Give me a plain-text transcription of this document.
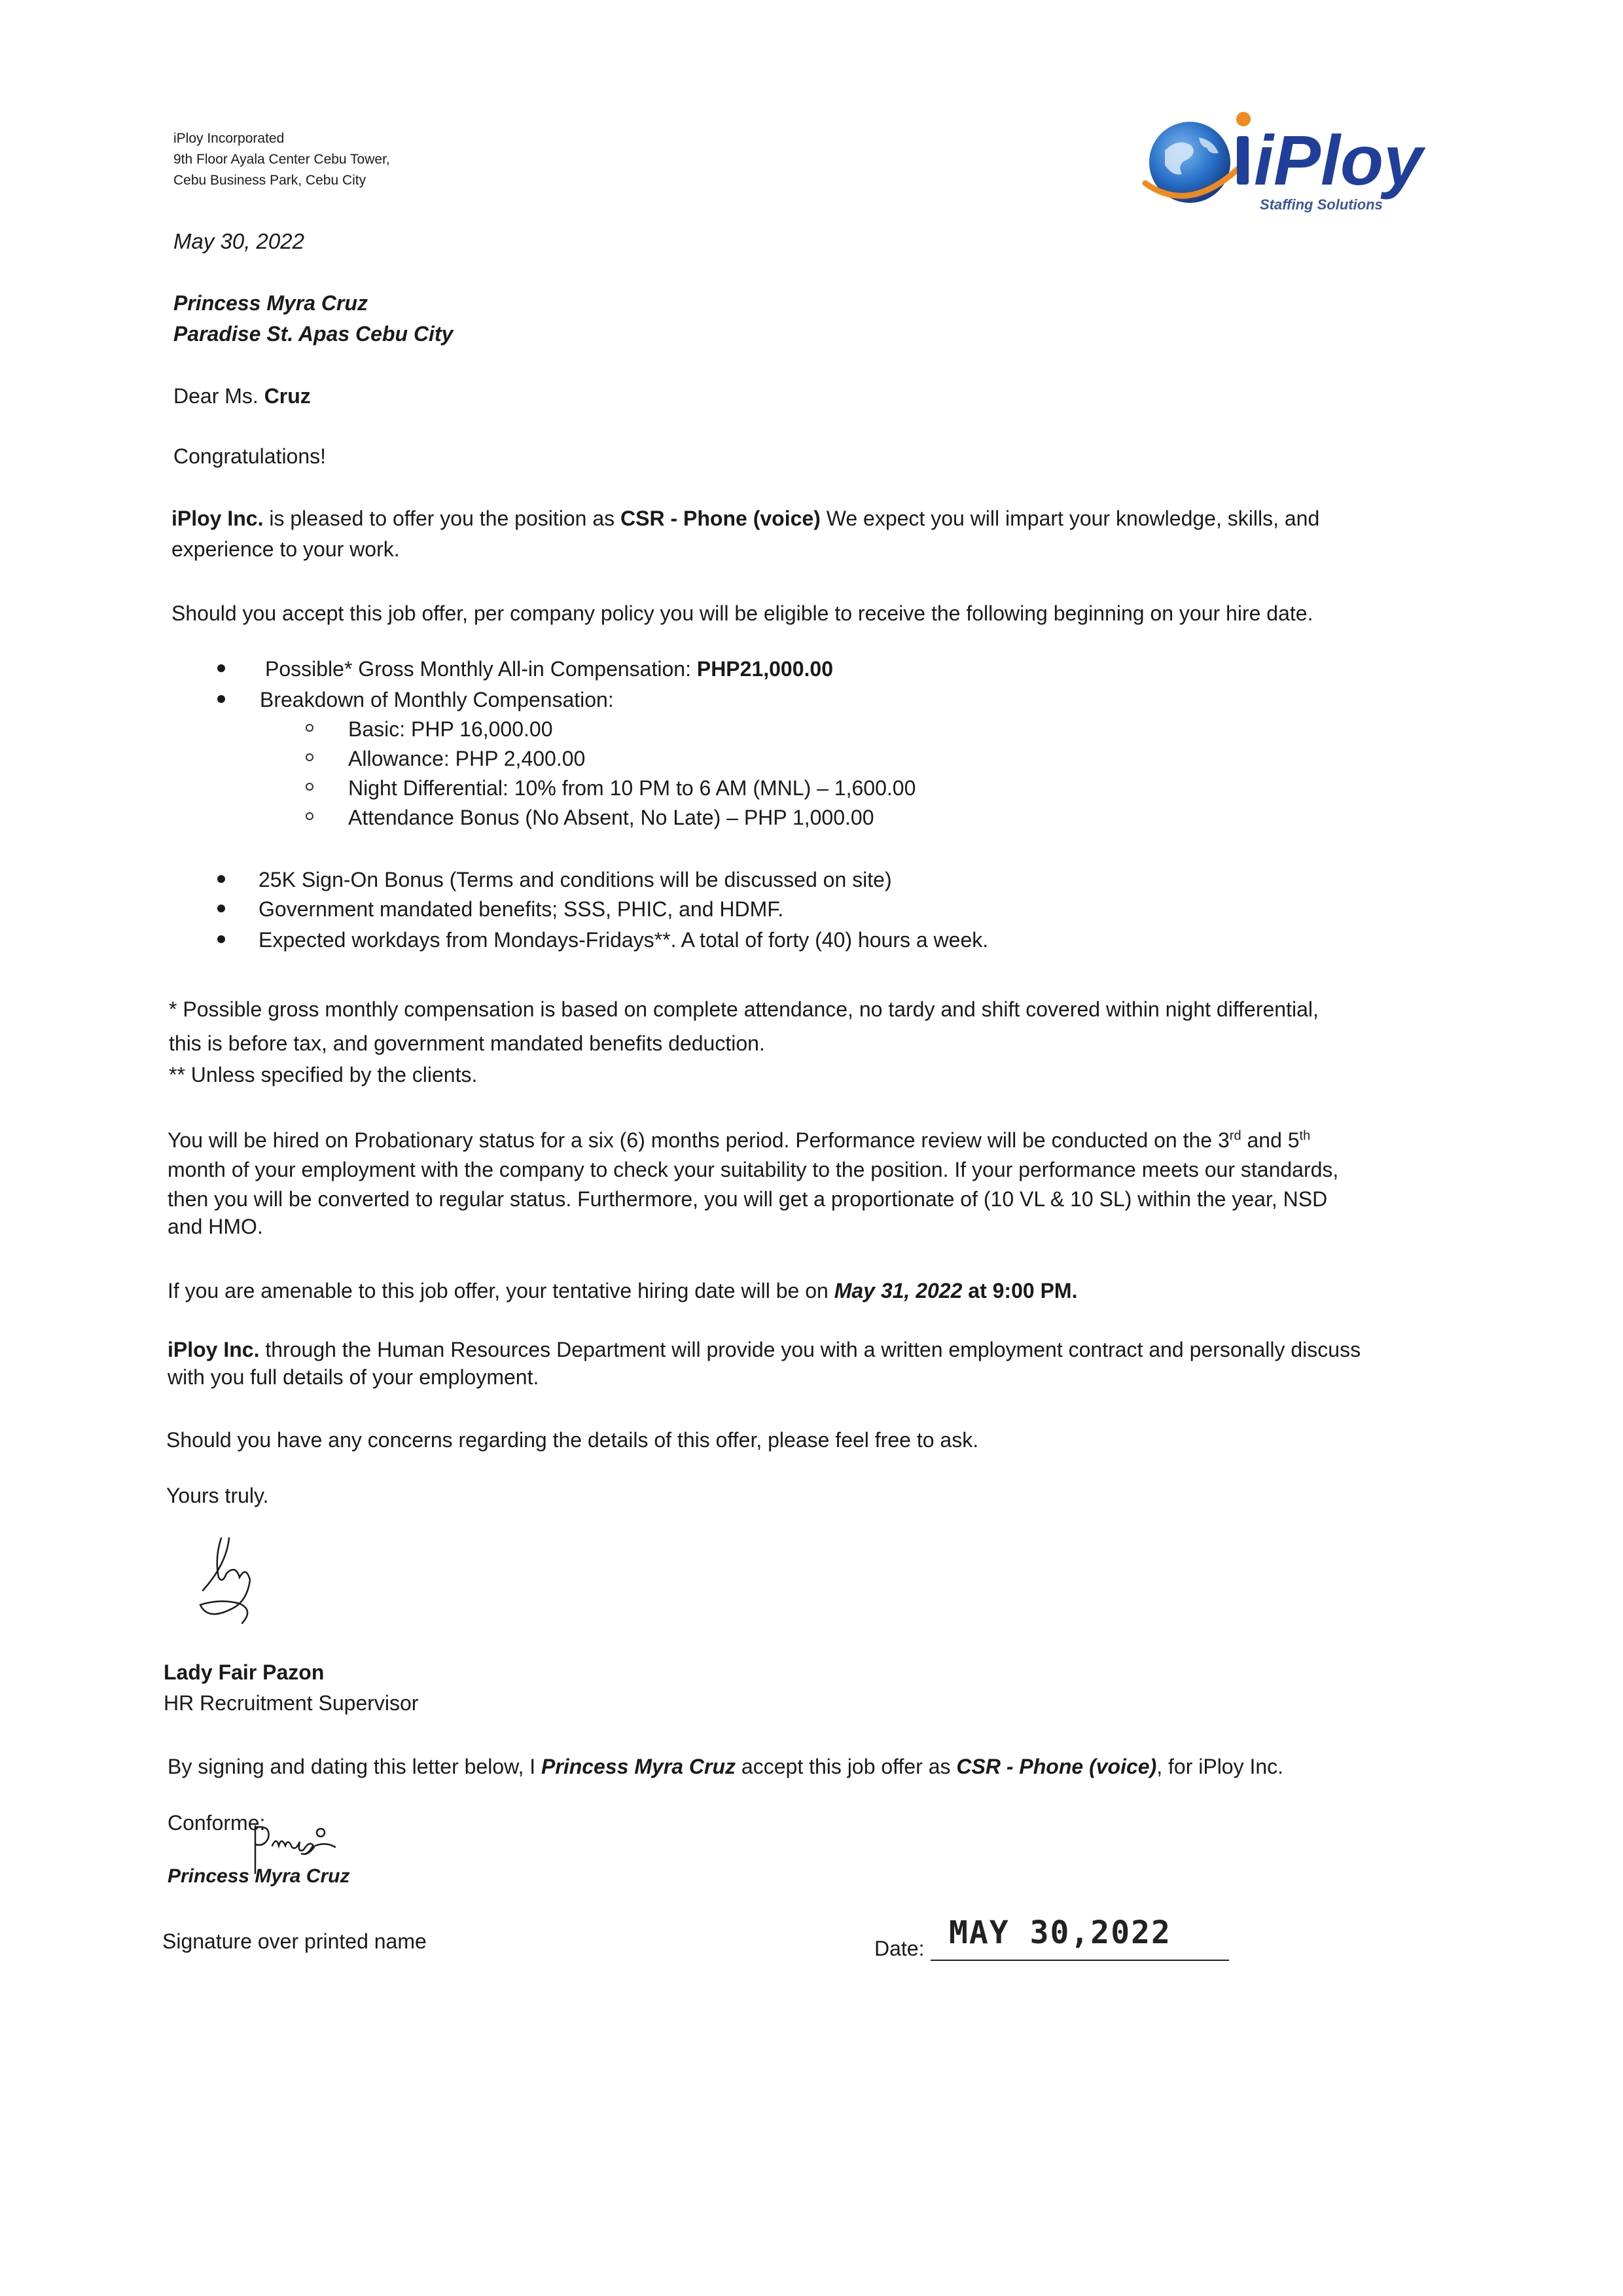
iPloy Incorporated
9th Floor Ayala Center Cebu Tower,
Cebu Business Park, Cebu City	iPloy
Staffing Solutions
May 30, 2022
Princess Myra Cruz
Paradise St. Apas Cebu City
Dear Ms. Cruz
Congratulations!
iPloy Inc. is pleased to offer you the position as CSR - Phone (voice) We expect you will impart your knowledge, skills, and
experience to your work.
Should you accept this job offer, per company policy you will be eligible to receive the following beginning on your hire date.
Possible* Gross Monthly All-in Compensation: PHP21,000.00
Breakdown of Monthly Compensation:
Basic: PHP 16,000.00
Allowance: PHP 2,400.00
Night Differential: 10% from 10 PM to 6 AM (MNL) – 1,600.00
Attendance Bonus (No Absent, No Late) – PHP 1,000.00
25K Sign-On Bonus (Terms and conditions will be discussed on site)
Government mandated benefits; SSS, PHIC, and HDMF.
Expected workdays from Mondays-Fridays**. A total of forty (40) hours a week.
* Possible gross monthly compensation is based on complete attendance, no tardy and shift covered within night differential,
this is before tax, and government mandated benefits deduction.
** Unless specified by the clients.
You will be hired on Probationary status for a six (6) months period. Performance review will be conducted on the 3rd and 5th
month of your employment with the company to check your suitability to the position. If your performance meets our standards,
then you will be converted to regular status. Furthermore, you will get a proportionate of (10 VL & 10 SL) within the year, NSD
and HMO.
If you are amenable to this job offer, your tentative hiring date will be on May 31, 2022 at 9:00 PM.
iPloy Inc. through the Human Resources Department will provide you with a written employment contract and personally discuss
with you full details of your employment.
Should you have any concerns regarding the details of this offer, please feel free to ask.
Yours truly.
Lady Fair Pazon
HR Recruitment Supervisor
By signing and dating this letter below, I Princess Myra Cruz accept this job offer as CSR - Phone (voice), for iPloy Inc.
Conforme:
Princess Myra Cruz
Signature over printed name	Date: MAY 30,2022
